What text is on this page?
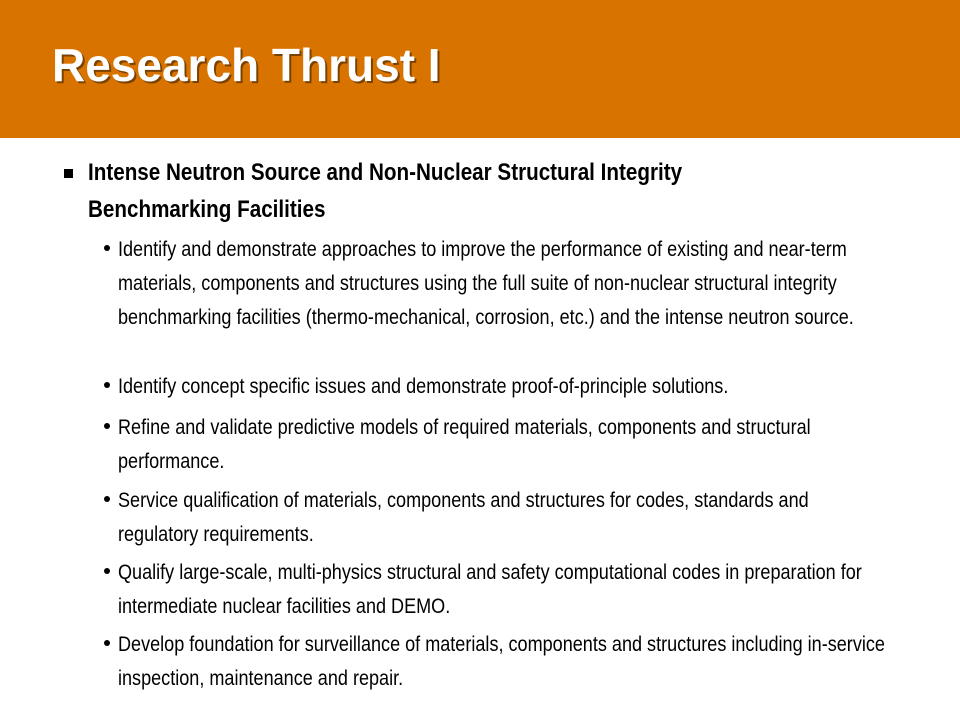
Research Thrust I
Intense Neutron Source and Non-Nuclear Structural Integrity Benchmarking Facilities
Identify and demonstrate approaches to improve the performance of existing and near-term materials, components and structures using the full suite of non-nuclear structural integrity benchmarking facilities (thermo-mechanical, corrosion, etc.) and the intense neutron source.
Identify concept specific issues and demonstrate proof-of-principle solutions.
Refine and validate predictive models of required materials, components and structural performance.
Service qualification of materials, components and structures for codes, standards and regulatory requirements.
Qualify large-scale, multi-physics structural and safety computational codes in preparation for intermediate nuclear facilities and DEMO.
Develop foundation for surveillance of materials, components and structures including in-service inspection, maintenance and repair.
